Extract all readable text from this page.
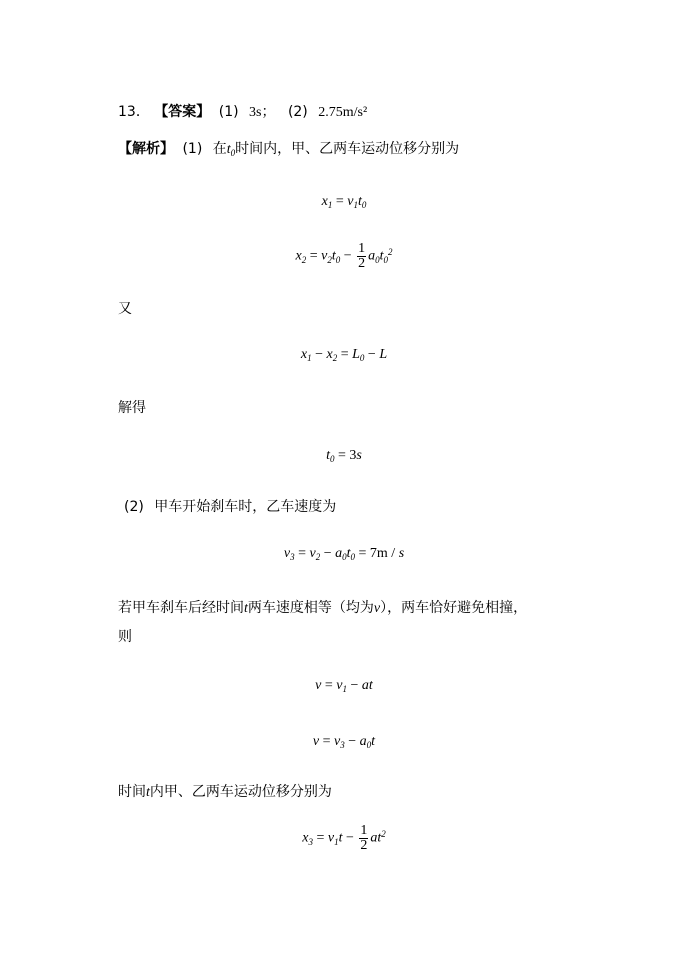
13． 【答案】 (1) 3s； (2) 2.75m/s²
【解析】 (1) 在$t_0$时间内，甲、乙两车运动位移分别为
$x_1 = v_1t_0$
$x_2 = v_2t_0 - \frac{1}{2} a_0t_0^2$
又
$x_1 - x_2 = L_0 - L$
解得
$t_0 = 3s$
(2) 甲车开始刹车时，乙车速度为
$v_3 = v_2 - a_0t_0 = 7m / s$
若甲车刹车后经时间t两车速度相等（均为v），两车恰好避免相撞，
则
$v = v_1$ − at
$v = v_3 - a_0t$
时间t内甲、乙两车运动位移分别为
$x_3 = v_1t - \frac{1}{2} at^2$
